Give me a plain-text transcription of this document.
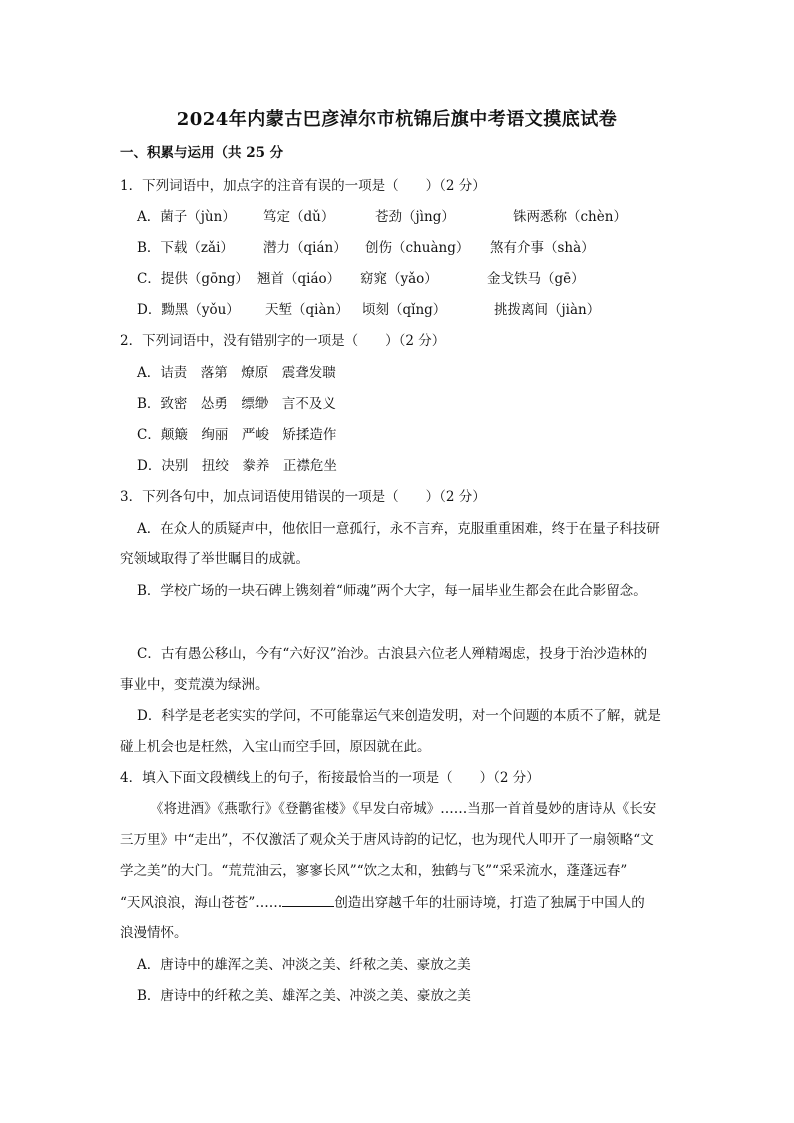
2024年内蒙古巴彦淖尔市杭锦后旗中考语文摸底试卷
一、积累与运用（共 25 分
1．下列词语中，加点字的注音有误的一项是（　　）（2 分）
A．菌子（jùn） 笃定（dǔ）	苍劲（jìng）	铢两悉称（chèn）
B．下载（zǎi） 潜力（qián） 创伤（chuàng） 煞有介事（shà）
C．提供（gōng） 翘首（qiáo） 窈窕（yǎo）	金戈铁马（gē）
D．黝黑（yǒu） 天堑（qiàn） 顷刻（qǐng）	挑拨离间（jiàn）
2．下列词语中，没有错别字的一项是（　　）（2 分）
A．诘责　落第　燎原　震聋发聩
B．致密　怂勇　缥缈　言不及义
C．颠簸　绚丽　严峻　矫揉造作
D．决别　扭绞　豢养　正襟危坐
3．下列各句中，加点词语使用错误的一项是（　　）（2 分）
A．在众人的质疑声中，他依旧一意孤行，永不言弃，克服重重困难，终于在量子科技研
究领域取得了举世瞩目的成就。
B．学校广场的一块石碑上镌刻着“师魂”两个大字，每一届毕业生都会在此合影留念。
C．古有愚公移山，今有“六好汉”治沙。古浪县六位老人殚精竭虑，投身于治沙造林的
事业中，变荒漠为绿洲。
D．科学是老老实实的学问，不可能靠运气来创造发明，对一个问题的本质不了解，就是
碰上机会也是枉然，入宝山而空手回，原因就在此。
4．填入下面文段横线上的句子，衔接最恰当的一项是（　　）（2 分）
《将进酒》《燕歌行》《登鹳雀楼》《早发白帝城》……当那一首首曼妙的唐诗从《长安
三万里》中“走出”，不仅激活了观众关于唐风诗韵的记忆，也为现代人叩开了一扇领略“文
学之美”的大门。“荒荒油云，寥寥长风”“饮之太和，独鹤与飞”“采采流水，蓬蓬远春”
“天风浪浪，海山苍苍”……	创造出穿越千年的壮丽诗境，打造了独属于中国人的
浪漫情怀。
A．唐诗中的雄浑之美、冲淡之美、纤秾之美、豪放之美
B．唐诗中的纤秾之美、雄浑之美、冲淡之美、豪放之美
